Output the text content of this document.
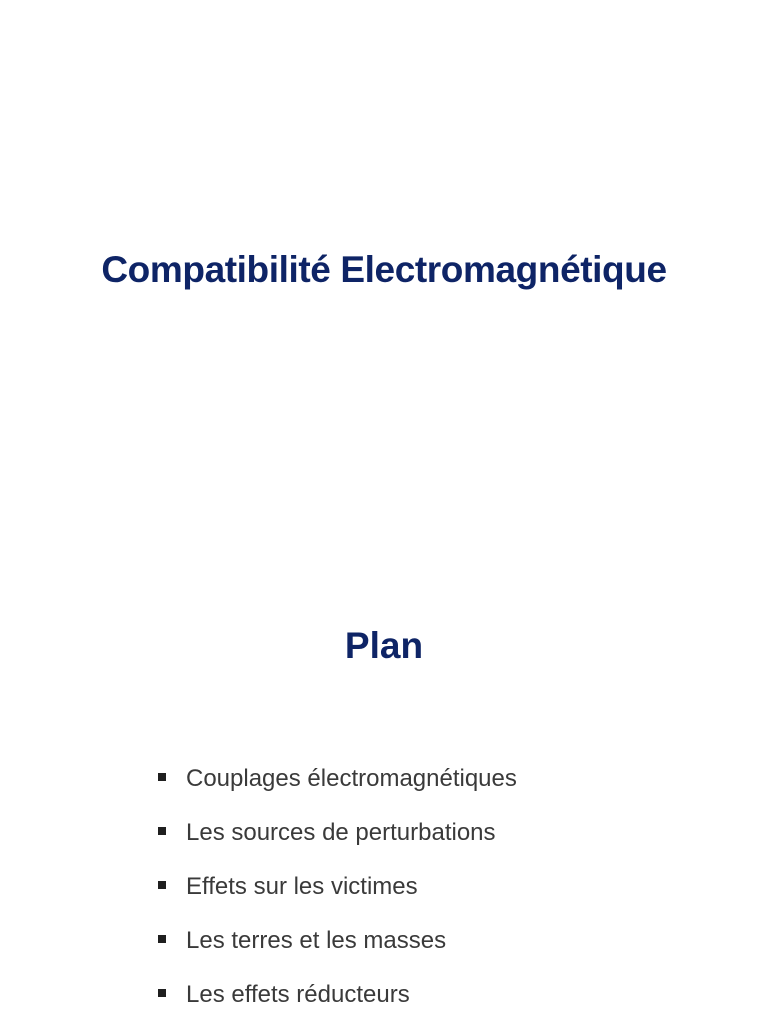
Compatibilité Electromagnétique
Plan
Couplages électromagnétiques
Les sources de perturbations
Effets sur les victimes
Les terres et les masses
Les effets réducteurs
